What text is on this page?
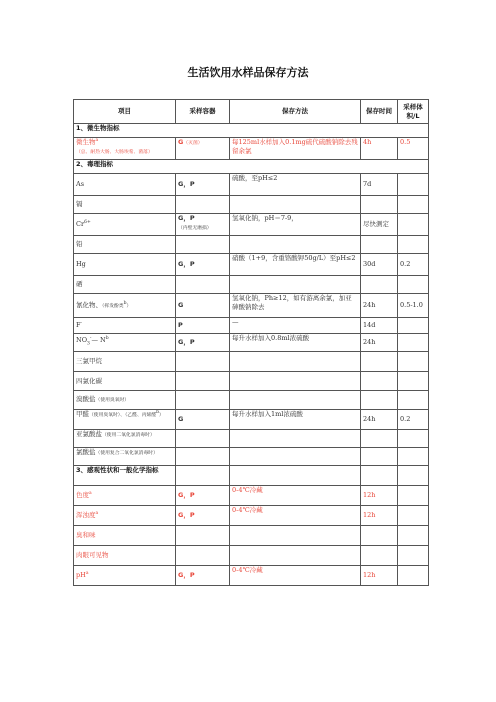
生活饮用水样品保存方法
项目	采样容器	保存方法	保存时间	采样体积/L
1、微生物指标				
微生物$^a$（总、耐热大肠、大肠埃希、菌落）	G（灭菌）	每125ml水样加入0.1mg硫代硫酸钠除去残留余氯	4h	0.5
2、毒理指标				
As	G，P	硫酸，至pH≤2	7d	
镉				
$Cr^{6+}$	G，P（内壁无磨损）	氢氧化钠，pH＝7-9，	尽快测定	
铅				
Hg	G，P	硝酸（1+9，含重铬酸钾50g/L）至pH≤2	30d	0.2
硒				
氰化物、（挥发酚类$^b$）	G	氢氧化钠，Ph≥12，如有游离余氯，加亚砷酸钠除去	24h	0.5-1.0
F-	P	—	14d	
$NO_3^-—$ $N^b$	G，P	每升水样加入0.8ml浓硫酸	24h	
三氯甲烷				
四氯化碳				
溴酸盐（使用臭氧时）				
甲醛（使用臭氧时）、（乙醛、丙烯醛$^b$）	G	每升水样加入1ml浓硫酸	24h	0.2
亚氯酸盐（使用二氧化氯消毒时）				
氯酸盐（使用复合二氧化氯消毒时）				
3、感观性状和一般化学指标				
色度$^a$	G，P	0-4℃冷藏	12h	
浑浊度$^a$	G，P	0-4℃冷藏	12h	
臭和味				
肉眼可见物				
$pH^a$	G，P	0-4℃冷藏	12h	
